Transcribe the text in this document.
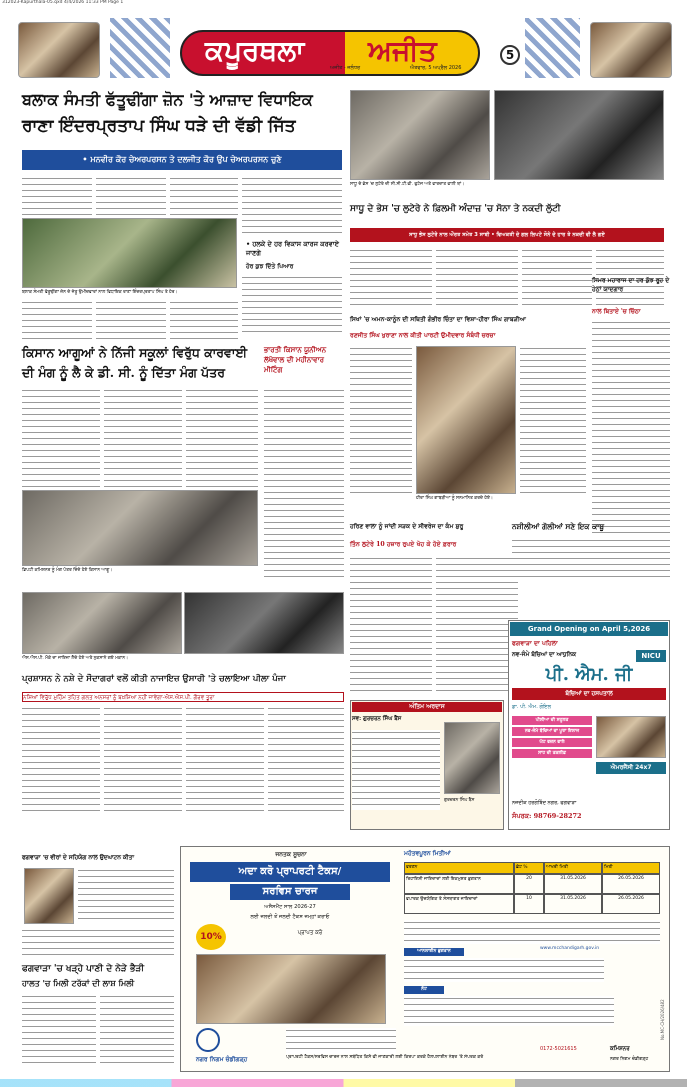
312023-Kapurthala-05.qxd 4/4/2026 11:33 PM Page 1
ਕਪੂਰਥਲਾ	ਅਜੀਤ
ਅਜੀਤ - ਜਲੰਧਰ	ਐਤਵਾਰ, 5 ਅਪ੍ਰੈਲ 2026
5
ਬਲਾਕ ਸੰਮਤੀ ਫੱਤੂਢੀਂਗਾ ਜ਼ੋਨ 'ਤੇ ਆਜ਼ਾਦ ਵਿਧਾਇਕ
ਰਾਣਾ ਇੰਦਰਪ੍ਰਤਾਪ ਸਿੰਘ ਧੜੇ ਦੀ ਵੱਡੀ ਜਿੱਤ
• ਮਨਵੀਰ ਕੌਰ ਚੇਅਰਪਰਸਨ ਤੇ ਦਲਜੀਤ ਕੌਰ ਉਪ ਚੇਅਰਪਰਸਨ ਚੁਣੇ
• ਹਲਕੇ ਦੇ ਹਰ ਵਿਕਾਸ ਕਾਰਜ ਕਰਵਾਏ ਜਾਣਗੇ
ਹੋਰ ਕੁਝ ਦਿੱਤੇ ਪਿਆਰ
ਬਲਾਕ ਸੰਮਤੀ ਫੱਤੂਢੀਂਗਾ ਜ਼ੋਨ ਦੇ ਜੇਤੂ ਉਮੀਦਵਾਰਾਂ ਨਾਲ ਵਿਧਾਇਕ ਰਾਣਾ ਇੰਦਰਪ੍ਰਤਾਪ ਸਿੰਘ ਤੇ ਹੋਰ।
ਕਿਸਾਨ ਆਗੂਆਂ ਨੇ ਨਿੱਜੀ ਸਕੂਲਾਂ ਵਿਰੁੱਧ ਕਾਰਵਾਈ
ਦੀ ਮੰਗ ਨੂੰ ਲੈ ਕੇ ਡੀ. ਸੀ. ਨੂੰ ਦਿੱਤਾ ਮੰਗ ਪੱਤਰ
ਡਿਪਟੀ ਕਮਿਸ਼ਨਰ ਨੂੰ ਮੰਗ ਪੱਤਰ ਦਿੰਦੇ ਹੋਏ ਕਿਸਾਨ ਆਗੂ।
ਭਾਰਤੀ ਕਿਸਾਨ ਯੂਨੀਅਨ ਲੱਖੋਵਾਲ ਦੀ ਮਹੀਨਾਵਾਰ ਮੀਟਿੰਗ
ਐਸ.ਐਸ.ਪੀ. ਮੌਕੇ ਦਾ ਜਾਇਜ਼ਾ ਲੈਂਦੇ ਹੋਏ ਅਤੇ ਨੁਕਸਾਨੇ ਗਏ ਮਕਾਨ।
ਪ੍ਰਸ਼ਾਸਨ ਨੇ ਨਸ਼ੇ ਦੇ ਸੌਦਾਗਰਾਂ ਵਲੋਂ ਕੀਤੀ ਨਾਜਾਇਜ਼ ਉਸਾਰੀ 'ਤੇ ਚਲਾਇਆ ਪੀਲਾ ਪੰਜਾ
ਨਸ਼ਿਆਂ ਵਿਰੁੱਧ ਮੁਹਿੰਮ ਤਹਿਤ ਗਲਤ ਅਨਸਰਾਂ ਨੂੰ ਬਖ਼ਸ਼ਿਆ ਨਹੀਂ ਜਾਵੇਗਾ-ਐਸ.ਐਸ.ਪੀ. ਗੌਰਵ ਤੂਰਾ
ਸਾਧੂ ਦੇ ਭੇਸ 'ਚ ਲੁਟੇਰੇ ਦੀ ਸੀ.ਸੀ.ਟੀ.ਵੀ. ਫੁਟੇਜ ਅਤੇ ਵਾਰਦਾਤ ਵਾਲੀ ਥਾਂ।
ਸਾਧੂ ਦੇ ਭੇਸ 'ਚ ਲੁਟੇਰੇ ਨੇ ਫ਼ਿਲਮੀ ਅੰਦਾਜ਼ 'ਚ ਸੋਨਾ ਤੇ ਨਕਦੀ ਲੁੱਟੀ
ਸਾਧੂ ਭੇਸ ਲੁਟੇਰੇ ਨਾਲ ਔਰਤ ਸਮੇਤ 3 ਸਾਥੀ • ਵਿਅਕਤੀ ਦੇ ਗਲ ਲਿਪਟੇ ਸੋਨੇ ਦੇ ਹਾਰ ਤੇ ਨਕਦੀ ਵੀ ਲੈ ਗਏ
ਸਿਖਾਂ 'ਚ ਅਮਨ-ਕਾਨੂੰਨ ਦੀ ਸਥਿਤੀ ਗੰਭੀਰ ਚਿੰਤਾ ਦਾ ਵਿਸ਼ਾ-ਹੀਰਾ ਸਿੰਘ ਗਾਬੜੀਆ
ਰਣਜੀਤ ਸਿੰਘ ਖੁਰਾਣਾ ਨਾਲ ਕੀਤੀ ਪਾਰਟੀ ਉਮੀਦਵਾਰ ਸੰਬੰਧੀ ਚਰਚਾ
ਹੀਰਾ ਸਿੰਘ ਗਾਬੜੀਆ ਨੂੰ ਸਨਮਾਨਿਤ ਕਰਦੇ ਹੋਏ।
ਸਿਮਰ ਮਹਾਰਾਜ ਦਾ ਹਰ ਕੁੱਝ ਰੂਹ ਦੇ ਹੇਠਾਂ ਯਾਦਗਾਰ
ਨਾਲ ਬਿਤਾਏ 'ਚ ਚਿੱਠਾ
ਹਰਿਣ ਵਾਲਾ ਨੂੰ ਜਾਂਦੀ ਸੜਕ ਦੇ ਸੀਵਰੇਜ ਦਾ ਕੰਮ ਸ਼ੁਰੂ
ਤਿੰਨ ਲੁਟੇਰੇ 10 ਹਜ਼ਾਰ ਰੁਪਏ ਖੋਹ ਕੇ ਹੋਏ ਫ਼ਰਾਰ
ਨਸ਼ੀਲੀਆਂ ਗੋਲੀਆਂ ਸਣੇ ਇਕ ਕਾਬੂ
Grand Opening on April 5,2026
ਫਗਵਾੜਾ ਦਾ ਪਹਿਲਾ
ਨਵ-ਜੰਮੇ ਬੱਚਿਆਂ ਦਾ ਆਧੁਨਿਕ	NICU
ਪੀ. ਐਮ. ਜੀ
ਬੱਚਿਆਂ ਦਾ ਹਸਪਤਾਲ
ਡਾ. ਪੀ. ਐਮ. ਗੋਇਲ
ਪੀਲੀਆ ਦੀ ਸਹੂਲਤ
ਨਵ-ਜੰਮੇ ਬੱਚਿਆਂ ਦਾ ਪੂਰਾ ਇਲਾਜ
ਘੱਟ ਵਜ਼ਨ ਵਾਲੇ
ਸਾਹ ਦੀ ਤਕਲੀਫ਼
ਐਮਰਜੈਂਸੀ 24x7
ਨਜ਼ਦੀਕ ਹਰਗੋਬਿੰਦ ਨਗਰ, ਫਗਵਾੜਾ
ਸੰਪਰਕ: 98769-28272
ਅੰਤਿਮ ਅਰਦਾਸ
ਸਵ: ਗੁਰਚਰਨ ਸਿੰਘ ਬੈਂਸ
ਗੁਰਚਰਨ ਸਿੰਘ ਬੈਂਸ
ਫਗਵਾੜਾ 'ਚ ਵੀਰਾਂ ਦੇ ਸਹਿਯੋਗ ਨਾਲ ਉਦਘਾਟਨ ਕੀਤਾ
ਫਗਵਾੜਾ 'ਚ ਖੜ੍ਹੇ ਪਾਣੀ ਦੇ ਨੇੜੇ ਭੈੜੀ
ਹਾਲਤ 'ਚ ਮਿਲੀ ਟਰੱਕਾਂ ਦੀ ਲਾਸ਼ ਮਿਲੀ
ਜਨਤਕ ਸੂਚਨਾ
ਅਦਾ ਕਰੋ ਪ੍ਰਾਪਰਟੀ ਟੈਕਸ/
ਸਰਵਿਸ ਚਾਰਜ
ਅਸੈਸਮੈਂਟ ਸਾਲ 2026-27
ਲਈ ਜਲਦੀ ਤੋਂ ਜਲਦੀ ਟੈਕਸ ਜਮ੍ਹਾਂ ਕਰਾਓ
10%	ਪ੍ਰਾਪਤ ਕਰੋ
ਨਗਰ ਨਿਗਮ ਚੰਡੀਗੜ੍ਹ	ਪ੍ਰਾਪਰਟੀ ਟੈਕਸ/ਸਰਵਿਸ ਚਾਰਜ ਨਾਲ ਸਬੰਧਿਤ ਕਿਸੇ ਵੀ ਜਾਣਕਾਰੀ ਲਈ ਕਿਰਪਾ ਕਰਕੇ ਹੈਲਪਲਾਈਨ ਨੰਬਰ 'ਤੇ ਸੰਪਰਕ ਕਰੋ
ਮਹੱਤਵਪੂਰਨ ਮਿਤੀਆਂ
ਵਰਣਨ	ਛੋਟ %	ਆਖਰੀ ਮਿਤੀ	ਮਿਤੀ
ਰਿਹਾਇਸ਼ੀ ਜਾਇਦਾਦਾਂ ਲਈ ਇਕਮੁਸ਼ਤ ਭੁਗਤਾਨ	20	31.05.2026	26.05.2026
ਵਪਾਰਕ ਉਦਯੋਗਿਕ ਤੇ ਸੰਸਥਾਗਤ ਜਾਇਦਾਦਾਂ	10	31.05.2026	26.05.2026
ਆਨਲਾਈਨ ਭੁਗਤਾਨ
www.mcchandigarh.gov.in
ਨੋਟ
0172-5021615	ਕਮਿਸ਼ਨਰ
ਨਗਰ ਨਿਗਮ ਚੰਡੀਗੜ੍ਹ
No.MC-CH/2026/482
